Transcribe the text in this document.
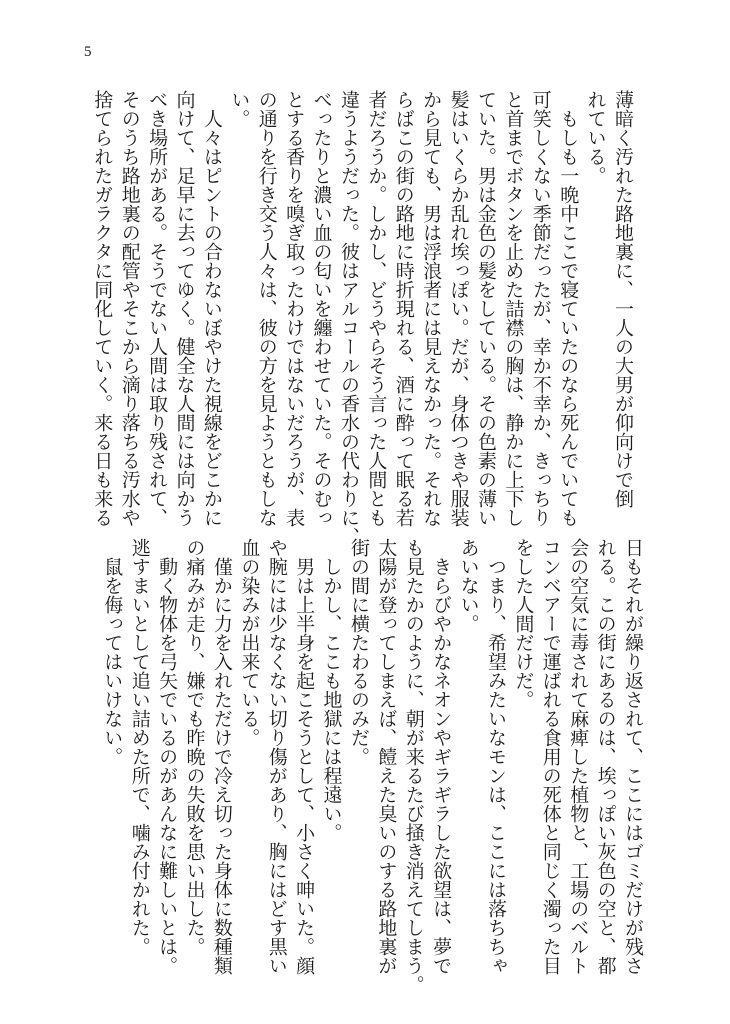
5
薄暗く汚れた路地裏に、一人の大男が仰向けで倒
れている。
　もしも一晩中ここで寝ていたのなら死んでいても
可笑しくない季節だったが、幸か不幸か、きっちり
と首までボタンを止めた詰襟の胸は、静かに上下し
ていた。男は金色の髪をしている。その色素の薄い
髪はいくらか乱れ埃っぽい。だが、身体つきや服装
から見ても、男は浮浪者には見えなかった。それな
らばこの街の路地に時折現れる、酒に酔って眠る若
者だろうか。しかし、どうやらそう言った人間とも
違うようだった。彼はアルコールの香水の代わりに、
べったりと濃い血の匂いを纏わせていた。そのむっ
とする香りを嗅ぎ取ったわけではないだろうが、表
の通りを行き交う人々は、彼の方を見ようともしな
い。
　人々はピントの合わないぼやけた視線をどこかに
向けて、足早に去ってゆく。健全な人間には向かう
べき場所がある。そうでない人間は取り残されて、
そのうち路地裏の配管やそこから滴り落ちる汚水や
捨てられたガラクタに同化していく。来る日も来る
日もそれが繰り返されて、ここにはゴミだけが残さ
れる。この街にあるのは、埃っぽい灰色の空と、都
会の空気に毒されて麻痺した植物と、工場のベルト
コンベアーで運ばれる食用の死体と同じく濁った目
をした人間だけだ。
　つまり、希望みたいなモンは、ここには落ちちゃ
あいない。
　きらびやかなネオンやギラギラした欲望は、夢で
も見たかのように、朝が来るたび掻き消えてしまう。
太陽が登ってしまえば、饐えた臭いのする路地裏が
街の間に横たわるのみだ。
　しかし、ここも地獄には程遠い。
　男は上半身を起こそうとして、小さく呻いた。顔
や腕には少なくない切り傷があり、胸にはどす黒い
血の染みが出来ている。
　僅かに力を入れただけで冷え切った身体に数種類
の痛みが走り、嫌でも昨晩の失敗を思い出した。
　動く物体を弓矢でいるのがあんなに難しいとは。
逃すまいとして追い詰めた所で、噛み付かれた。
　鼠を侮ってはいけない。
